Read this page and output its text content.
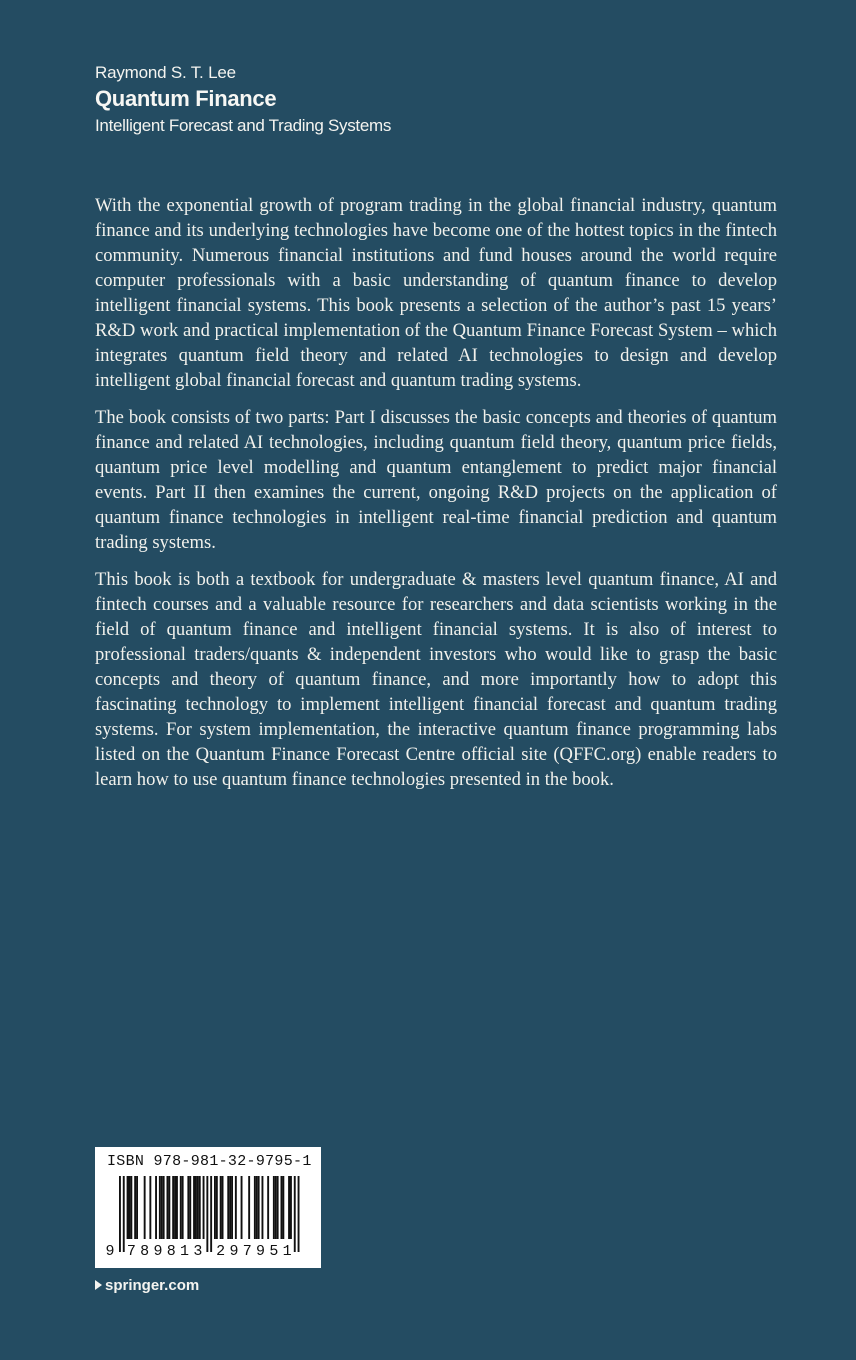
Raymond S. T. Lee

Quantum Finance

Intelligent Forecast and Trading Systems

With the exponential growth of program trading in the global financial industry, quantum finance and its underlying technologies have become one of the hottest topics in the fintech community. Numerous financial institutions and fund houses around the world require computer professionals with a basic understanding of quantum finance to develop intelligent financial systems. This book presents a selection of the author’s past 15 years’ R&D work and practical implementation of the Quantum Finance Forecast System – which integrates quantum field theory and related AI technologies to design and develop intelligent global financial forecast and quantum trading systems.

The book consists of two parts: Part I discusses the basic concepts and theories of quantum finance and related AI technologies, including quantum field theory, quantum price fields, quantum price level modelling and quantum entanglement to predict major financial events. Part II then examines the current, ongoing R&D projects on the application of quantum finance technologies in intelligent real-time financial prediction and quantum trading systems.

This book is both a textbook for undergraduate & masters level quantum finance, AI and fintech courses and a valuable resource for researchers and data scientists working in the field of quantum finance and intelligent financial systems. It is also of interest to professional traders/quants & independent investors who would like to grasp the basic concepts and theory of quantum finance, and more importantly how to adopt this fascinating technology to implement intelligent financial forecast and quantum trading systems. For system implementation, the interactive quantum finance programming labs listed on the Quantum Finance Forecast Centre official site (QFFC.org) enable readers to learn how to use quantum finance technologies presented in the book.

ISBN 978-981-32-9795-1
9 7 8 9 8 1 3 2 9 7 9 5 1
springer.com
